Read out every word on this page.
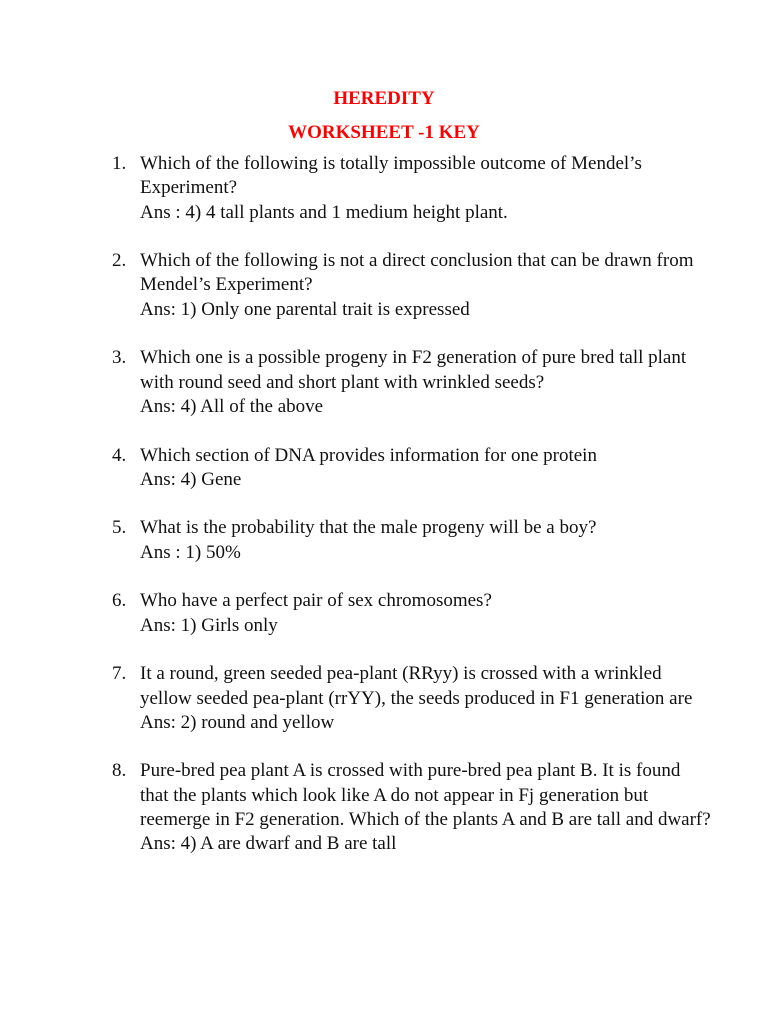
HEREDITY
WORKSHEET -1 KEY
1. Which of the following is totally impossible outcome of Mendel’s Experiment?
Ans : 4) 4 tall plants and 1 medium height plant.
2. Which of the following is not a direct conclusion that can be drawn from Mendel’s Experiment?
Ans: 1) Only one parental trait is expressed
3. Which one is a possible progeny in F2 generation of pure bred tall plant with round seed and short plant with wrinkled seeds?
Ans: 4) All of the above
4. Which section of DNA provides information for one protein
Ans: 4) Gene
5. What is the probability that the male progeny will be a boy?
Ans : 1) 50%
6. Who have a perfect pair of sex chromosomes?
Ans: 1) Girls only
7. It a round, green seeded pea-plant (RRyy) is crossed with a wrinkled yellow seeded pea-plant (rrYY), the seeds produced in F1 generation are
Ans: 2) round and yellow
8. Pure-bred pea plant A is crossed with pure-bred pea plant B. It is found that the plants which look like A do not appear in Fj generation but reemerge in F2 generation. Which of the plants A and B are tall and dwarf?
Ans: 4) A are dwarf and B are tall
